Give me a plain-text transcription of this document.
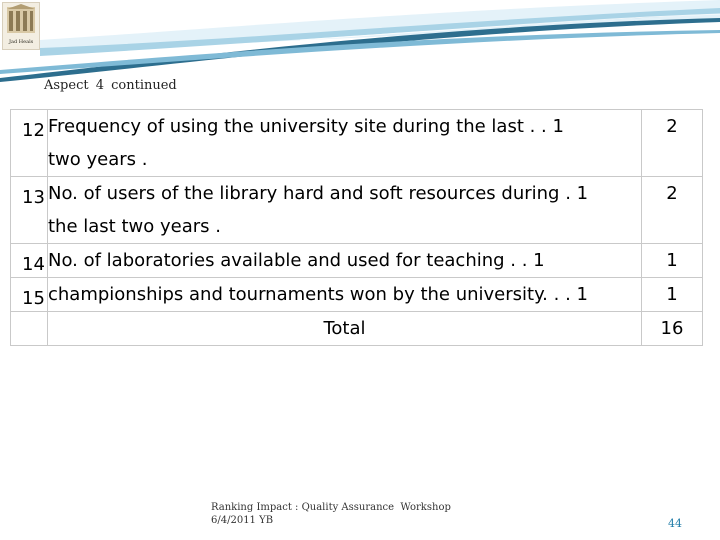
Jad Heals
Aspect 4 continued
12	Frequency of using the university site during the last . . 1
two years .	2

13	No. of users of the library hard and soft resources during . 1
the last two years .	2

14	No. of laboratories available and used for teaching . . 1	1

15	championships and tournaments won by the university. . . 1	1
	Total	16
Ranking Impact : Quality Assurance  Workshop
6/4/2011 YB	44
